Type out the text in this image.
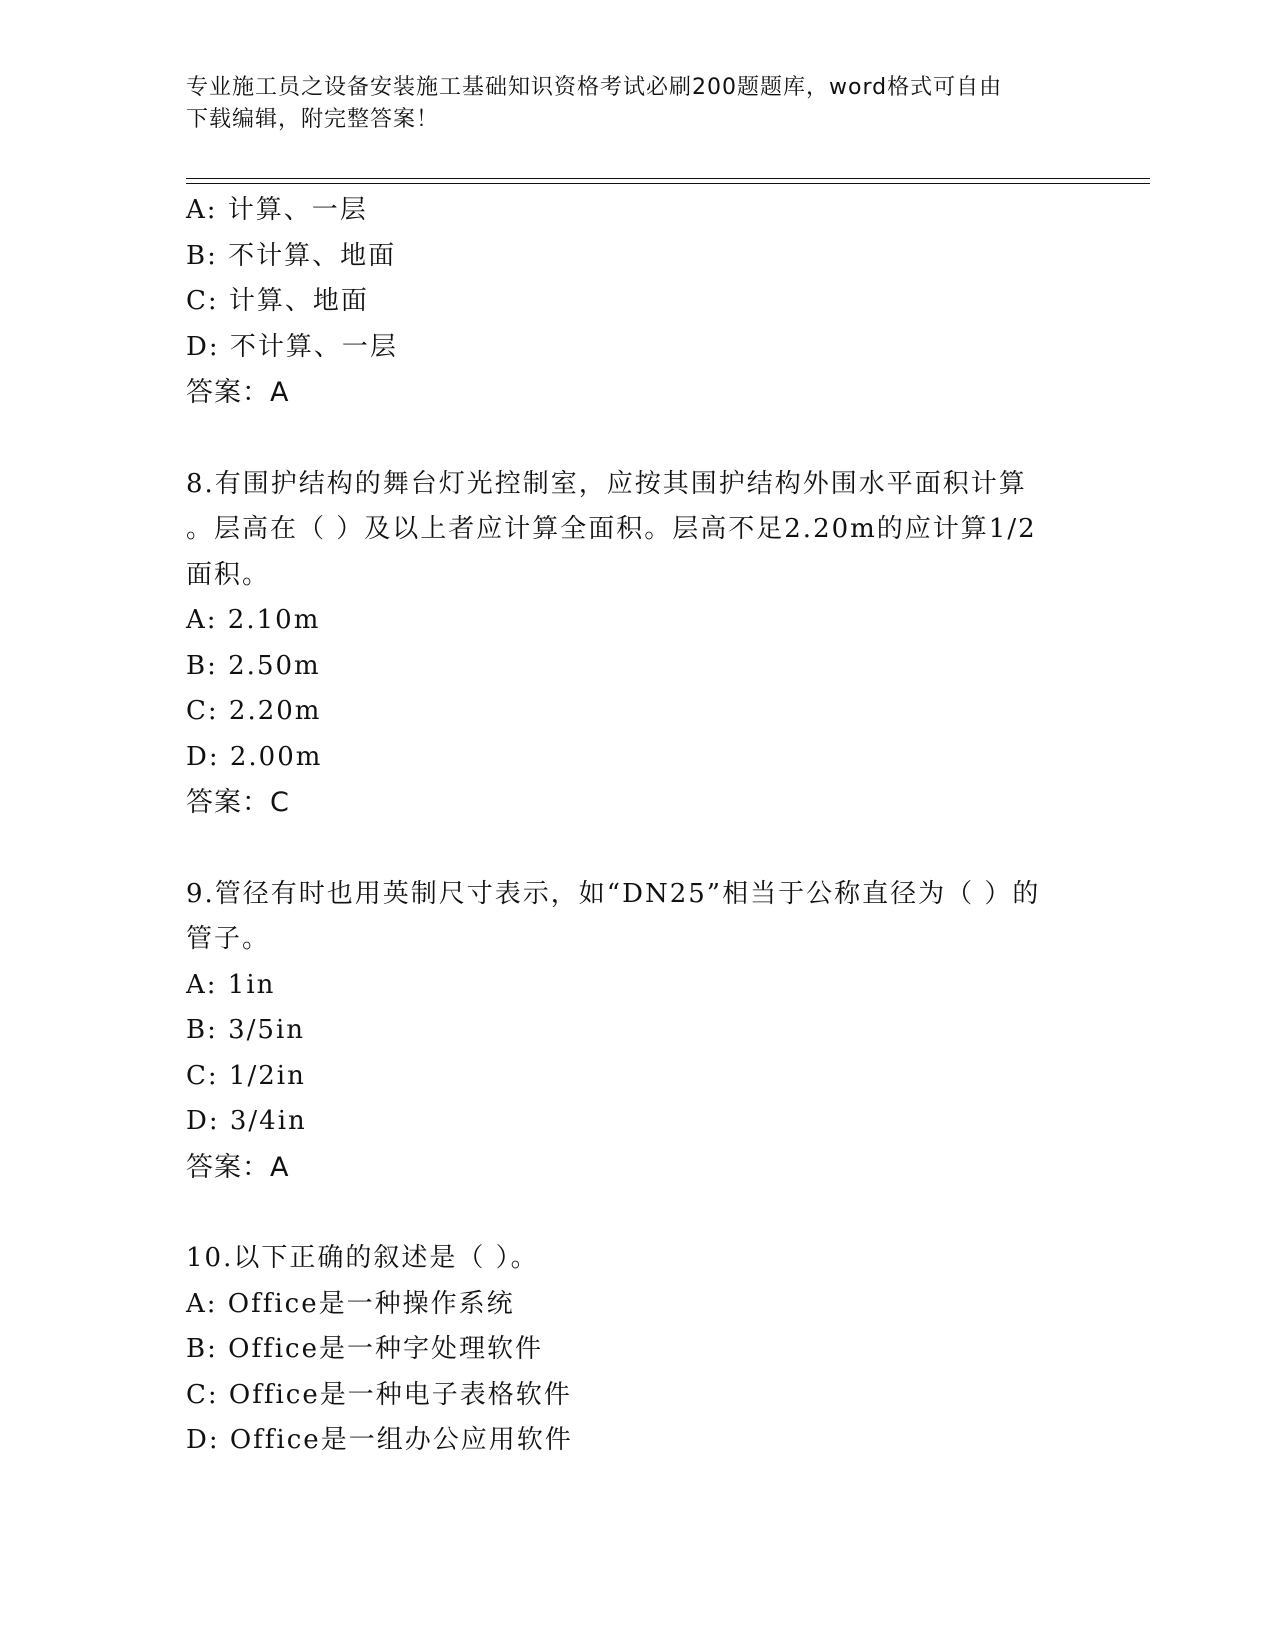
专业施工员之设备安装施工基础知识资格考试必刷200题题库，word格式可自由
下载编辑，附完整答案！
A: 计算、一层
B: 不计算、地面
C: 计算、地面
D: 不计算、一层
答案：A
8.有围护结构的舞台灯光控制室，应按其围护结构外围水平面积计算
。层高在（ ）及以上者应计算全面积。层高不足2.20m的应计算1/2
面积。
A: 2.10m
B: 2.50m
C: 2.20m
D: 2.00m
答案：C
9.管径有时也用英制尺寸表示，如“DN25”相当于公称直径为（ ）的
管子。
A: 1in
B: 3/5in
C: 1/2in
D: 3/4in
答案：A
10.以下正确的叙述是（ ）。
A: Office是一种操作系统
B: Office是一种字处理软件
C: Office是一种电子表格软件
D: Office是一组办公应用软件
